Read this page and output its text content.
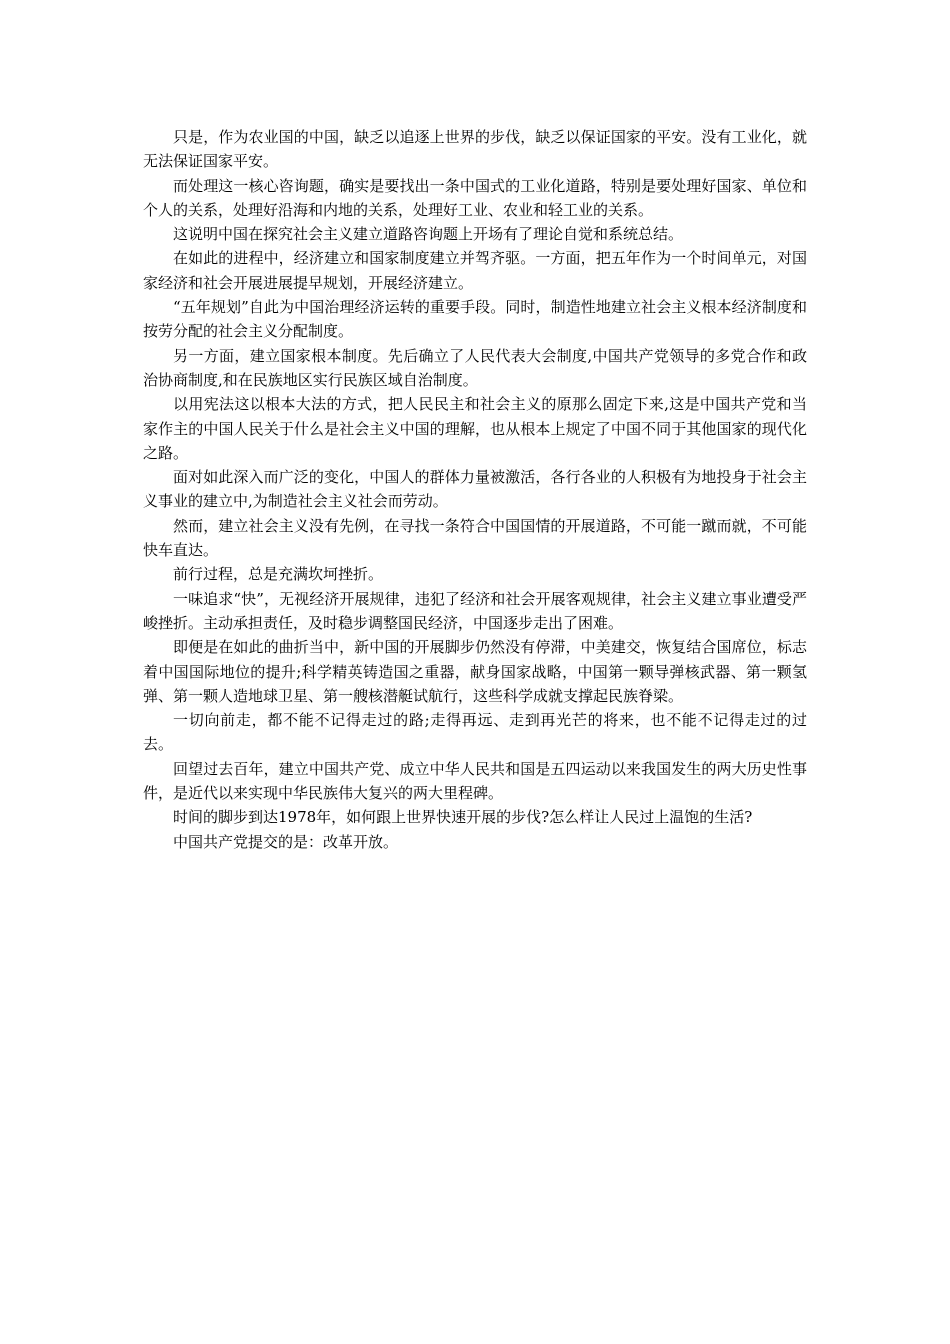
只是，作为农业国的中国，缺乏以追逐上世界的步伐，缺乏以保证国家的平安。没有工业化，就无法保证国家平安。

而处理这一核心咨询题，确实是要找出一条中国式的工业化道路，特别是要处理好国家、单位和个人的关系，处理好沿海和内地的关系，处理好工业、农业和轻工业的关系。

这说明中国在探究社会主义建立道路咨询题上开场有了理论自觉和系统总结。

在如此的进程中，经济建立和国家制度建立并驾齐驱。一方面，把五年作为一个时间单元，对国家经济和社会开展进展提早规划，开展经济建立。

“五年规划”自此为中国治理经济运转的重要手段。同时，制造性地建立社会主义根本经济制度和按劳分配的社会主义分配制度。

另一方面，建立国家根本制度。先后确立了人民代表大会制度,中国共产党领导的多党合作和政治协商制度,和在民族地区实行民族区域自治制度。

以用宪法这以根本大法的方式，把人民民主和社会主义的原那么固定下来,这是中国共产党和当家作主的中国人民关于什么是社会主义中国的理解，也从根本上规定了中国不同于其他国家的现代化之路。

面对如此深入而广泛的变化，中国人的群体力量被激活，各行各业的人积极有为地投身于社会主义事业的建立中,为制造社会主义社会而劳动。

然而，建立社会主义没有先例，在寻找一条符合中国国情的开展道路，不可能一蹴而就，不可能快车直达。

前行过程，总是充满坎坷挫折。

一味追求“快”，无视经济开展规律，违犯了经济和社会开展客观规律，社会主义建立事业遭受严峻挫折。主动承担责任，及时稳步调整国民经济，中国逐步走出了困难。

即便是在如此的曲折当中，新中国的开展脚步仍然没有停滞，中美建交，恢复结合国席位，标志着中国国际地位的提升;科学精英铸造国之重器，献身国家战略，中国第一颗导弹核武器、第一颗氢弹、第一颗人造地球卫星、第一艘核潜艇试航行，这些科学成就支撑起民族脊梁。

一切向前走，都不能不记得走过的路;走得再远、走到再光芒的将来，也不能不记得走过的过去。

回望过去百年，建立中国共产党、成立中华人民共和国是五四运动以来我国发生的两大历史性事件，是近代以来实现中华民族伟大复兴的两大里程碑。

时间的脚步到达1978年，如何跟上世界快速开展的步伐?怎么样让人民过上温饱的生活?

中国共产党提交的是：改革开放。
